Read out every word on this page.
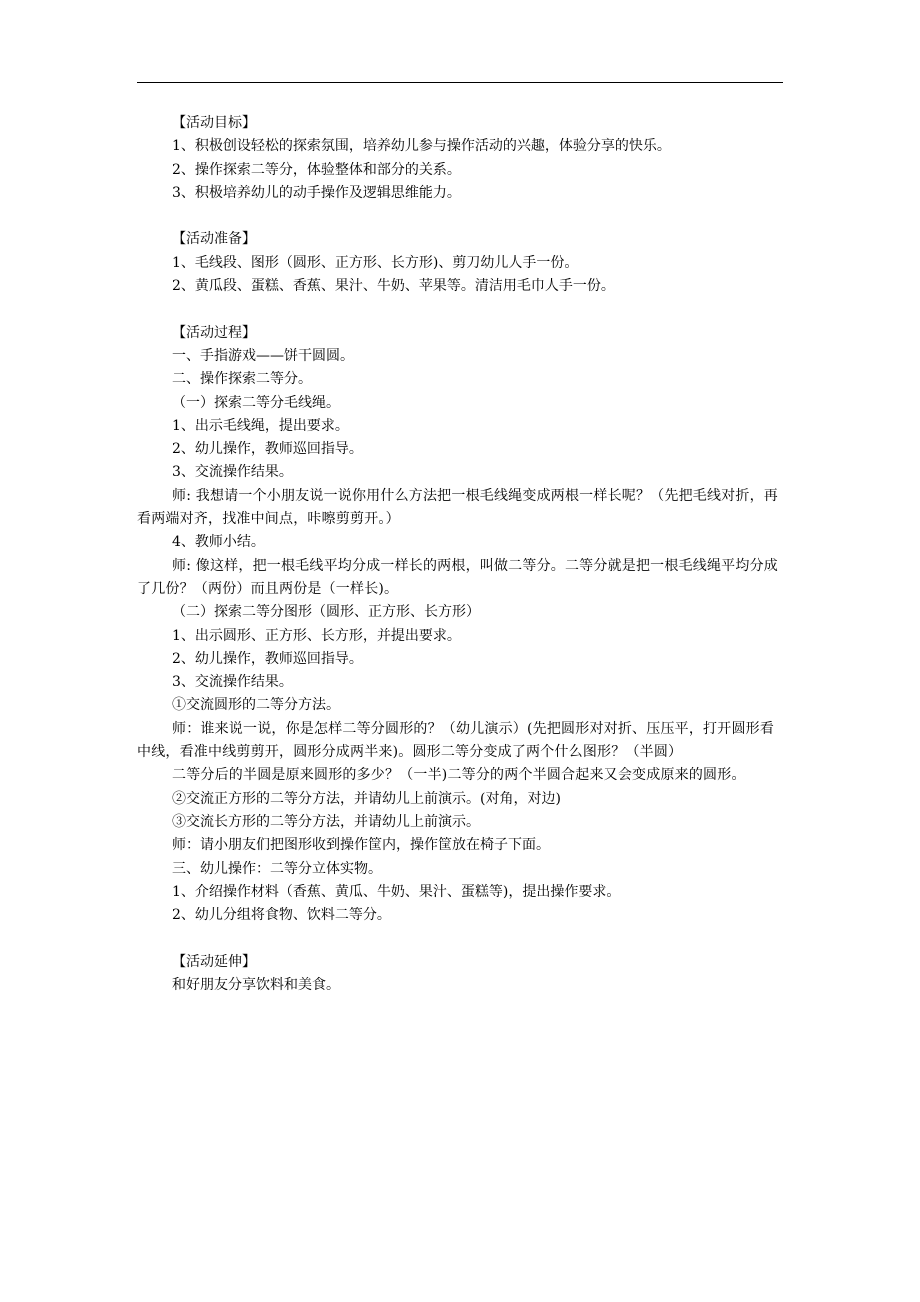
【活动目标】

1、积极创设轻松的探索氛围，培养幼儿参与操作活动的兴趣，体验分享的快乐。

2、操作探索二等分，体验整体和部分的关系。

3、积极培养幼儿的动手操作及逻辑思维能力。

【活动准备】

1、毛线段、图形（圆形、正方形、长方形)、剪刀幼儿人手一份。

2、黄瓜段、蛋糕、香蕉、果汁、牛奶、苹果等。清洁用毛巾人手一份。

【活动过程】

一、手指游戏——饼干圆圆。

二、操作探索二等分。

（一）探索二等分毛线绳。

1、出示毛线绳，提出要求。

2、幼儿操作，教师巡回指导。

3、交流操作结果。

师: 我想请一个小朋友说一说你用什么方法把一根毛线绳变成两根一样长呢？（先把毛线对折，再看两端对齐，找准中间点，咔嚓剪剪开。）

4、教师小结。

师: 像这样，把一根毛线平均分成一样长的两根，叫做二等分。二等分就是把一根毛线绳平均分成了几份？（两份）而且两份是（一样长)。

（二）探索二等分图形（圆形、正方形、长方形）

1、出示圆形、正方形、长方形，并提出要求。

2、幼儿操作，教师巡回指导。

3、交流操作结果。

①交流圆形的二等分方法。

师：谁来说一说，你是怎样二等分圆形的？（幼儿演示）(先把圆形对对折、压压平，打开圆形看中线，看准中线剪剪开，圆形分成两半来)。圆形二等分变成了两个什么图形？（半圆）

二等分后的半圆是原来圆形的多少？（一半)二等分的两个半圆合起来又会变成原来的圆形。

②交流正方形的二等分方法，并请幼儿上前演示。(对角，对边)

③交流长方形的二等分方法，并请幼儿上前演示。

师：请小朋友们把图形收到操作筐内，操作筐放在椅子下面。

三、幼儿操作：二等分立体实物。

1、介绍操作材料（香蕉、黄瓜、牛奶、果汁、蛋糕等)，提出操作要求。

2、幼儿分组将食物、饮料二等分。

【活动延伸】

和好朋友分享饮料和美食。
